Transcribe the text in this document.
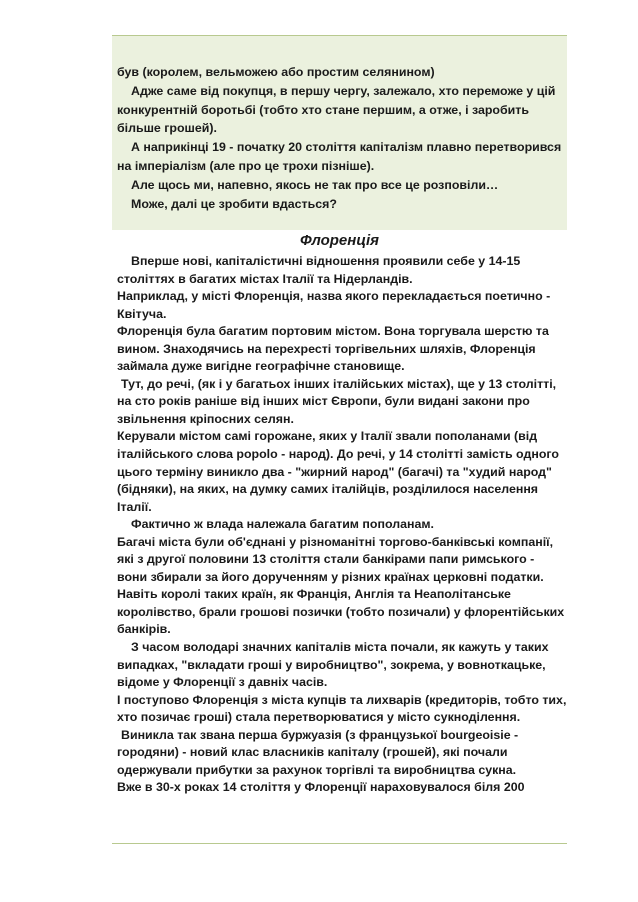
був (королем, вельможею або простим селянином)

Адже саме від покупця, в першу чергу, залежало, хто переможе у цій конкурентній боротьбі (тобто хто стане першим, а отже, і заробить більше грошей).

А наприкінці 19 - початку 20 століття капіталізм плавно перетворився на імперіалізм (але про це трохи пізніше).

Але щось ми, напевно, якось не так про все це розповіли…

Може, далі це зробити вдасться?

Флоренція

Вперше нові, капіталістичні відношення проявили себе у 14-15 століттях в багатих містах Італії та Нідерландів.

Наприклад, у місті Флоренція, назва якого перекладається поетично - Квітуча.

Флоренція була багатим портовим містом. Вона торгувала шерстю та вином. Знаходячись на перехресті торгівельних шляхів, Флоренція займала дуже вигідне географічне становище.

Тут, до речі, (як і у багатьох інших італійських містах), ще у 13 столітті, на сто років раніше від інших міст Європи, були видані закони про звільнення кріпосних селян.

Керували містом самі горожане, яких у Італії звали пополанами (від італійського слова popolo - народ). До речі, у 14 столітті замість одного цього терміну виникло два - "жирний народ" (багачі) та "худий народ" (бідняки), на яких, на думку самих італійців, розділилося населення Італії.

Фактично ж влада належала багатим пополанам.

Багачі міста були об'єднані у різноманітні торгово-банківські компанії, які з другої половини 13 століття стали банкірами папи римського - вони збирали за його дорученням у різних країнах церковні податки.

Навіть королі таких країн, як Франція, Англія та Неаполітанське королівство, брали грошові позички (тобто позичали) у флорентійських банкірів.

З часом володарі значних капіталів міста почали, як кажуть у таких випадках, "вкладати гроші у виробництво", зокрема, у вовноткацьке, відоме у Флоренції з давніх часів.

І поступово Флоренція з міста купців та лихварів (кредиторів, тобто тих, хто позичає гроші) стала перетворюватися у місто сукноділення.

Виникла так звана перша буржуазія (з французької bourgeoisie - городяни) - новий клас власників капіталу (грошей), які почали одержували прибутки за рахунок торгівлі та виробництва сукна.

Вже в 30-х роках 14 століття у Флоренції нараховувалося біля 200
